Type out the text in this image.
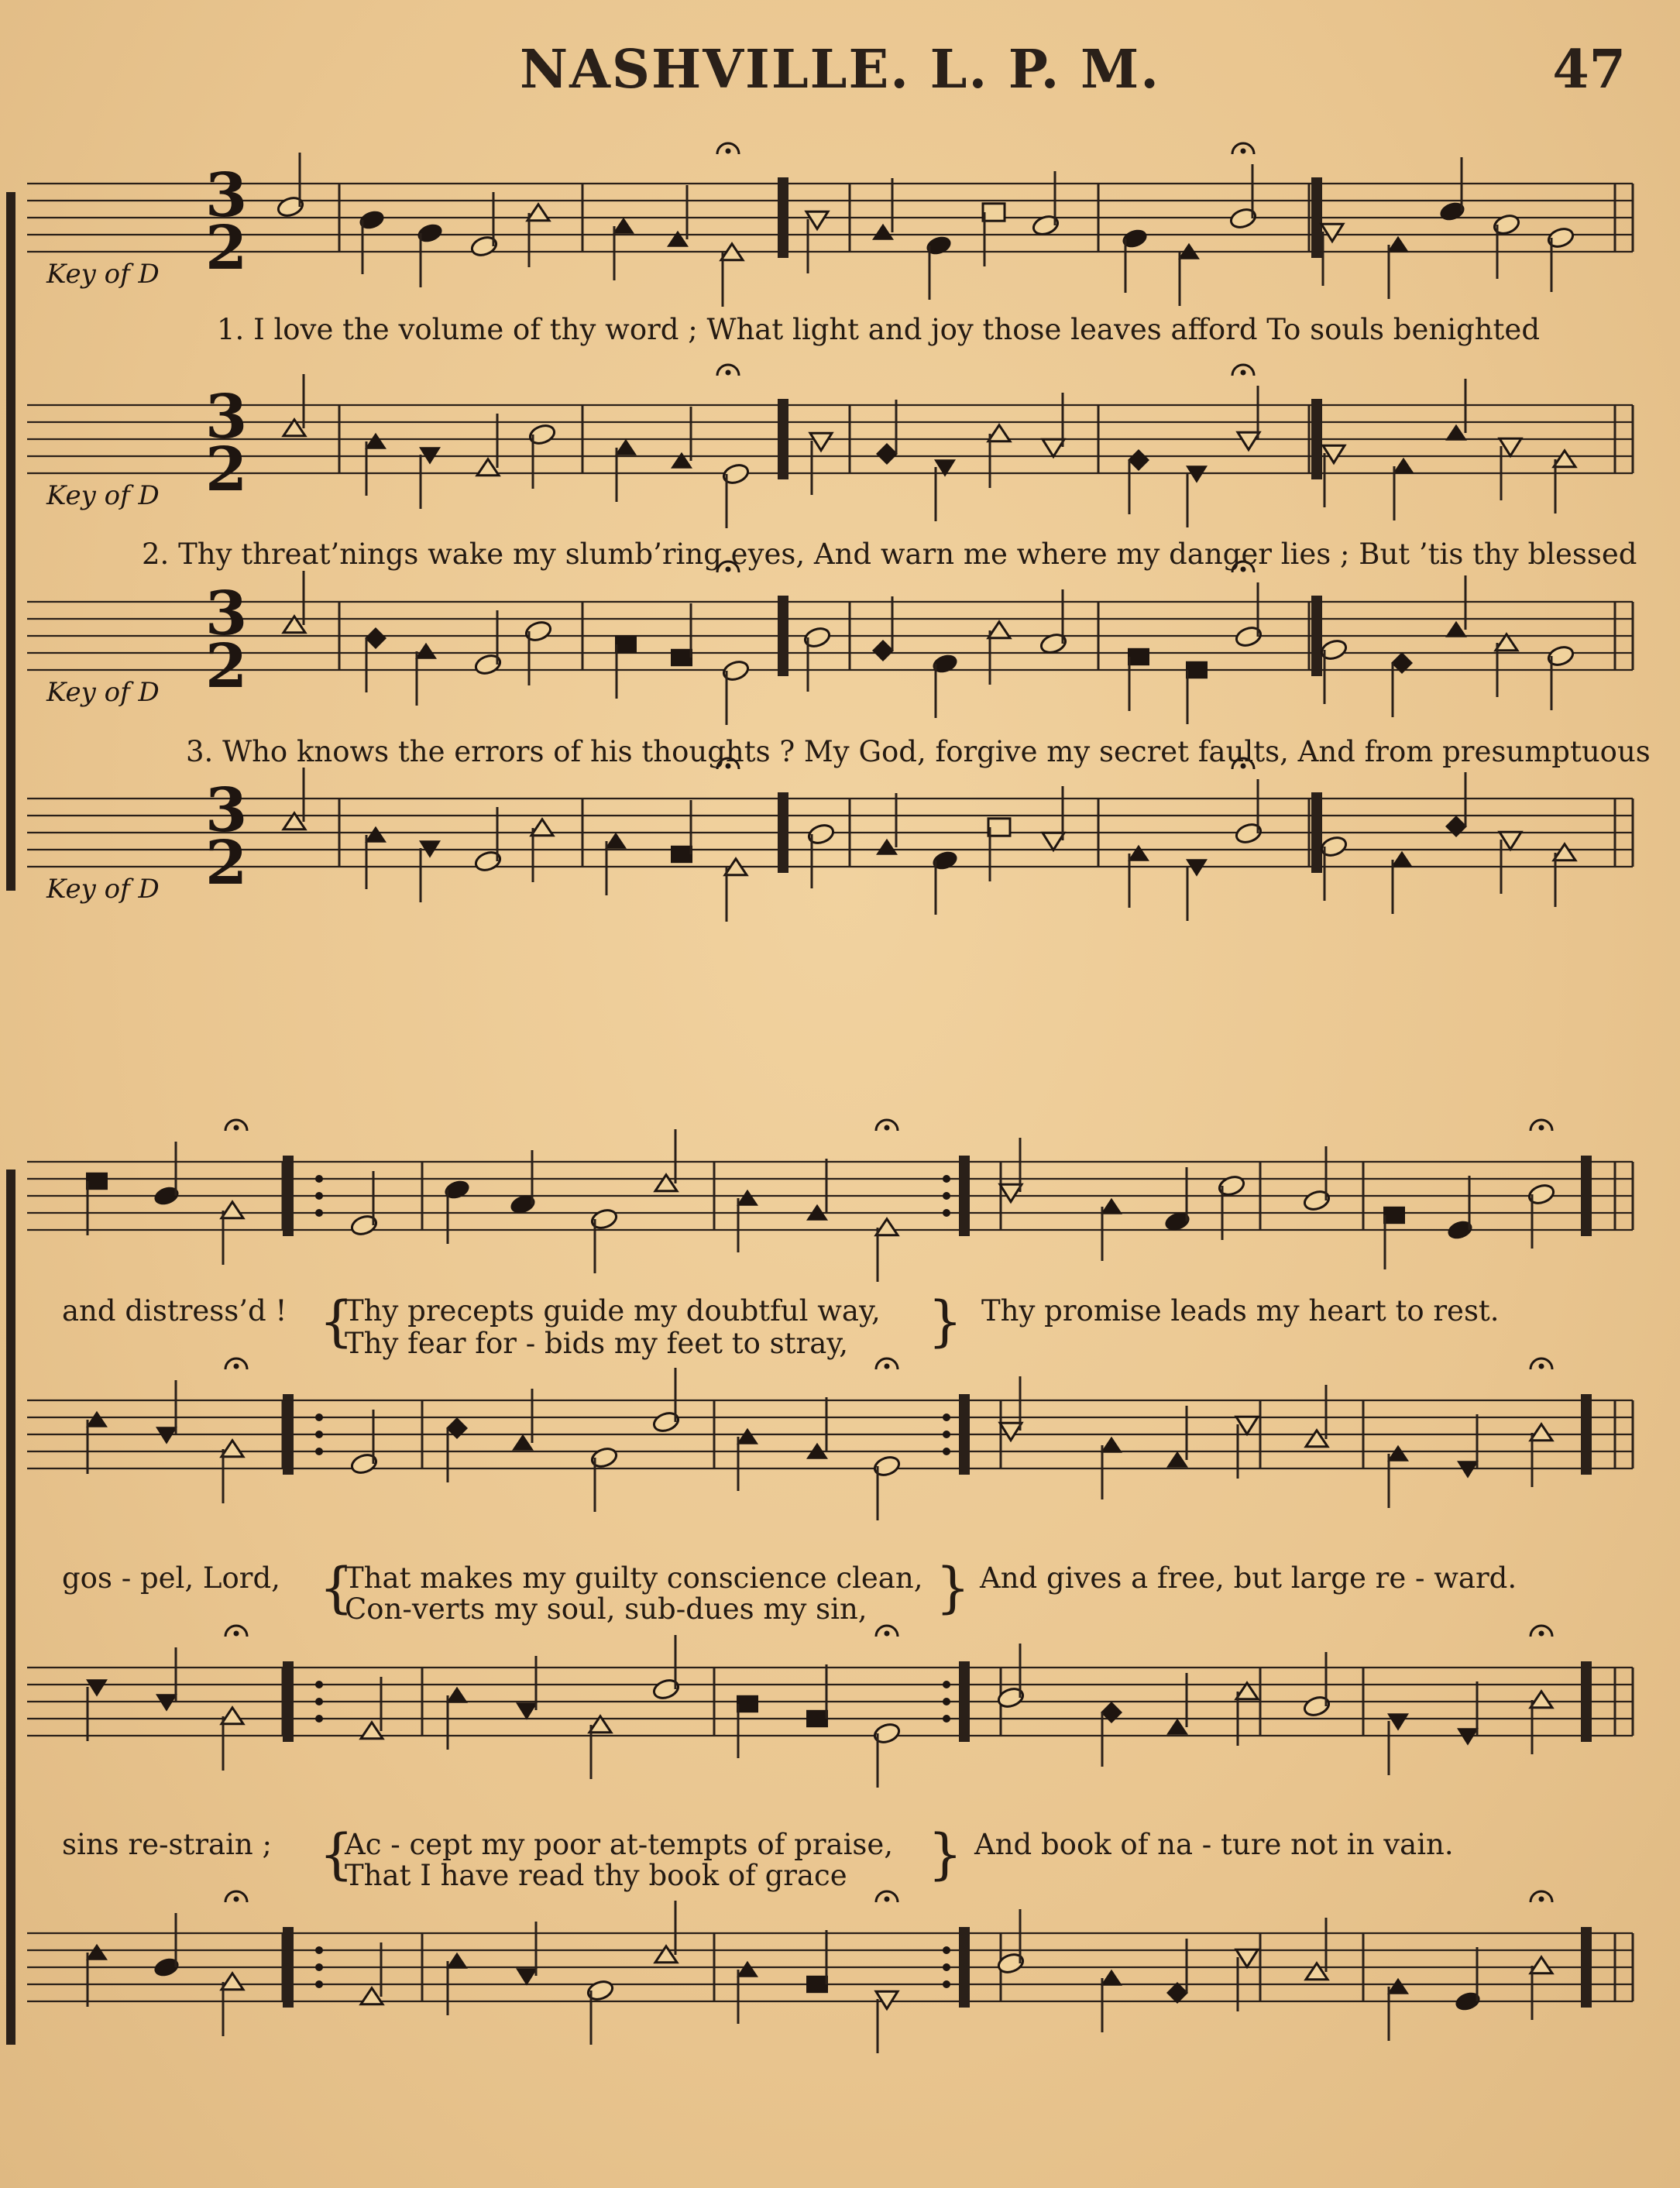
NASHVILLE. L. P. M.	47
3
2
Key of D
3
2
Key of D
3
2
Key of D
3
2
Key of D
1. I love the volume of thy word ; What light and joy those leaves afford To souls benighted
2. Thy threat’nings wake my slumb’ring eyes, And warn me where my danger lies ; But ’tis thy blessed
3. Who knows the errors of his thoughts ? My God, forgive my secret faults, And from presumptuous
and distress’d ! Thy precepts guide my doubtful way,
Thy fear for - bids my feet to stray,
Thy promise leads my heart to rest.
gos - pel, Lord, That makes my guilty conscience clean,
Con-verts my soul, sub-dues my sin,
And gives a free, but large re - ward.
sins re-strain ;	Ac - cept my poor at-tempts of praise,
That I have read thy book of grace
And book of na - ture not in vain.
{	}
{	}
{	}
